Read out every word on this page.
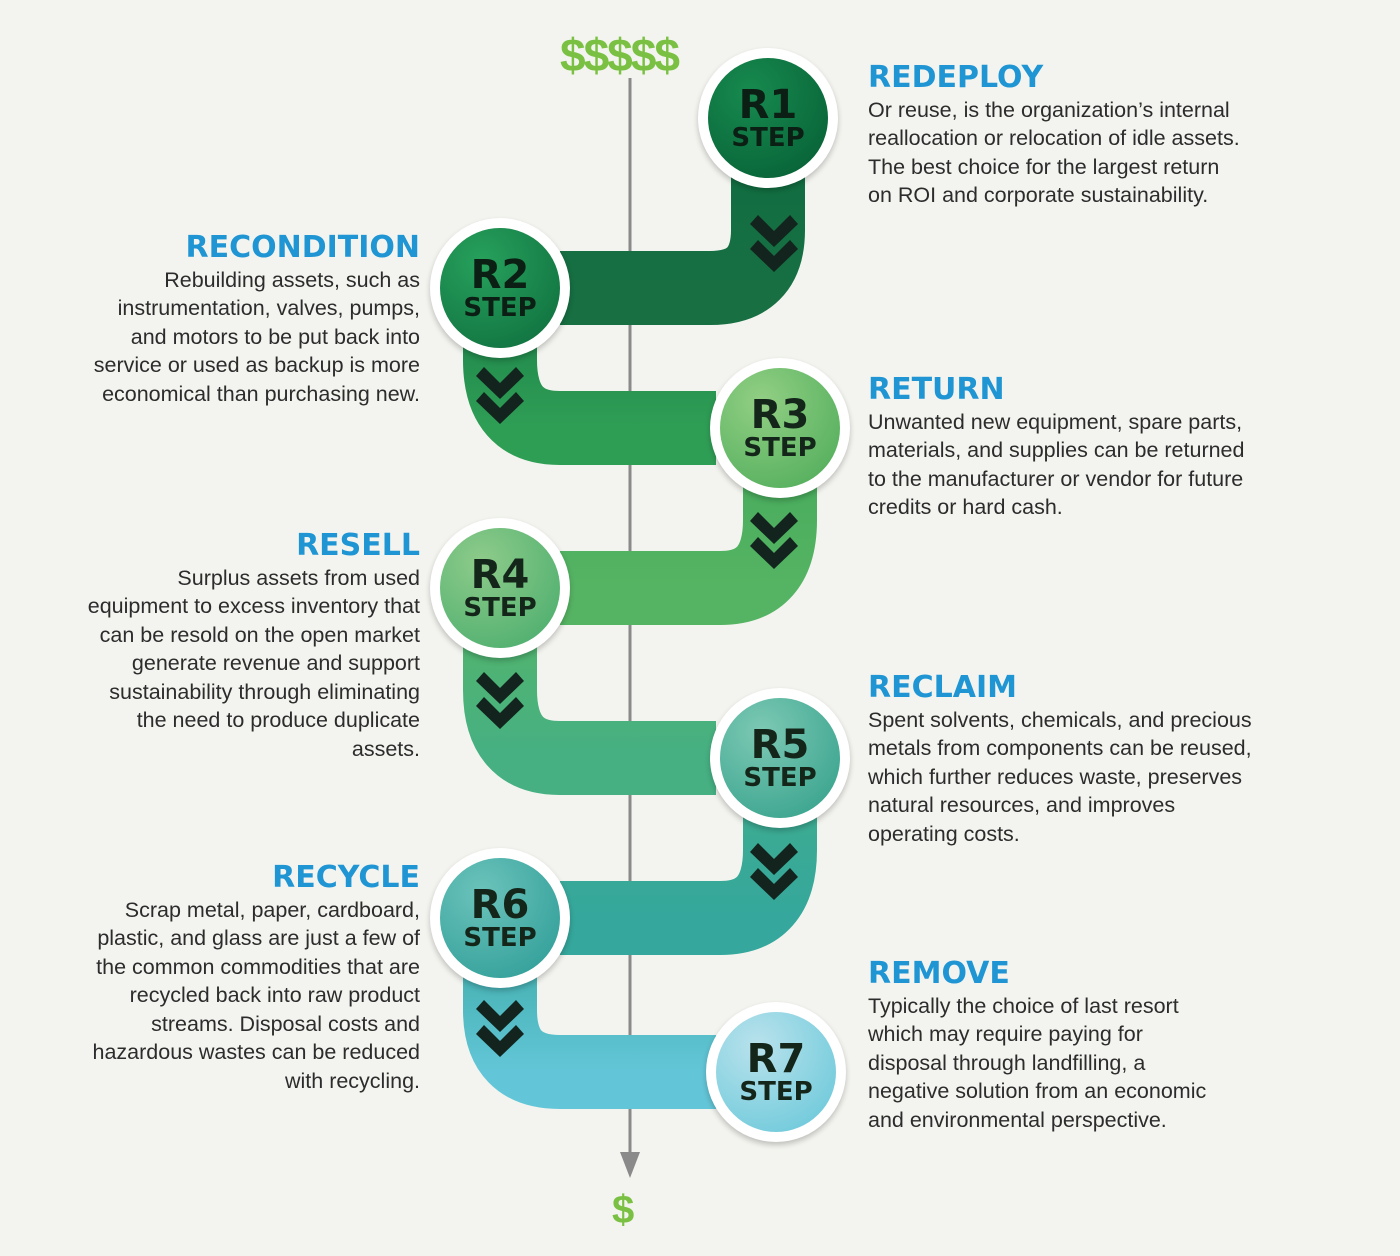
$$$$$
$
R1
STEP
REDEPLOY

Or reuse, is the organization’s internal reallocation or relocation of idle assets. The best choice for the largest return on ROI and corporate sustainability.

R2
STEP
RECONDITION

Rebuilding assets, such as instrumentation, valves, pumps, and motors to be put back into service or used as backup is more economical than purchasing new.	R3
STEP
RETURN

Unwanted new equipment, spare parts, materials, and supplies can be returned to the manufacturer or vendor for future credits or hard cash.

R4
STEP
RESELL

Surplus assets from used equipment to excess inventory that can be resold on the open market generate revenue and support sustainability through eliminating the need to produce duplicate assets.	R5
STEP
RECLAIM

Spent solvents, chemicals, and precious metals from components can be reused, which further reduces waste, preserves natural resources, and improves operating costs.

R6
STEP
RECYCLE

Scrap metal, paper, cardboard, plastic, and glass are just a few of the common commodities that are recycled back into raw product streams. Disposal costs and hazardous wastes can be reduced with recycling.	R7
STEP
REMOVE

Typically the choice of last resort which may require paying for disposal through landfilling, a negative solution from an economic and environmental perspective.
